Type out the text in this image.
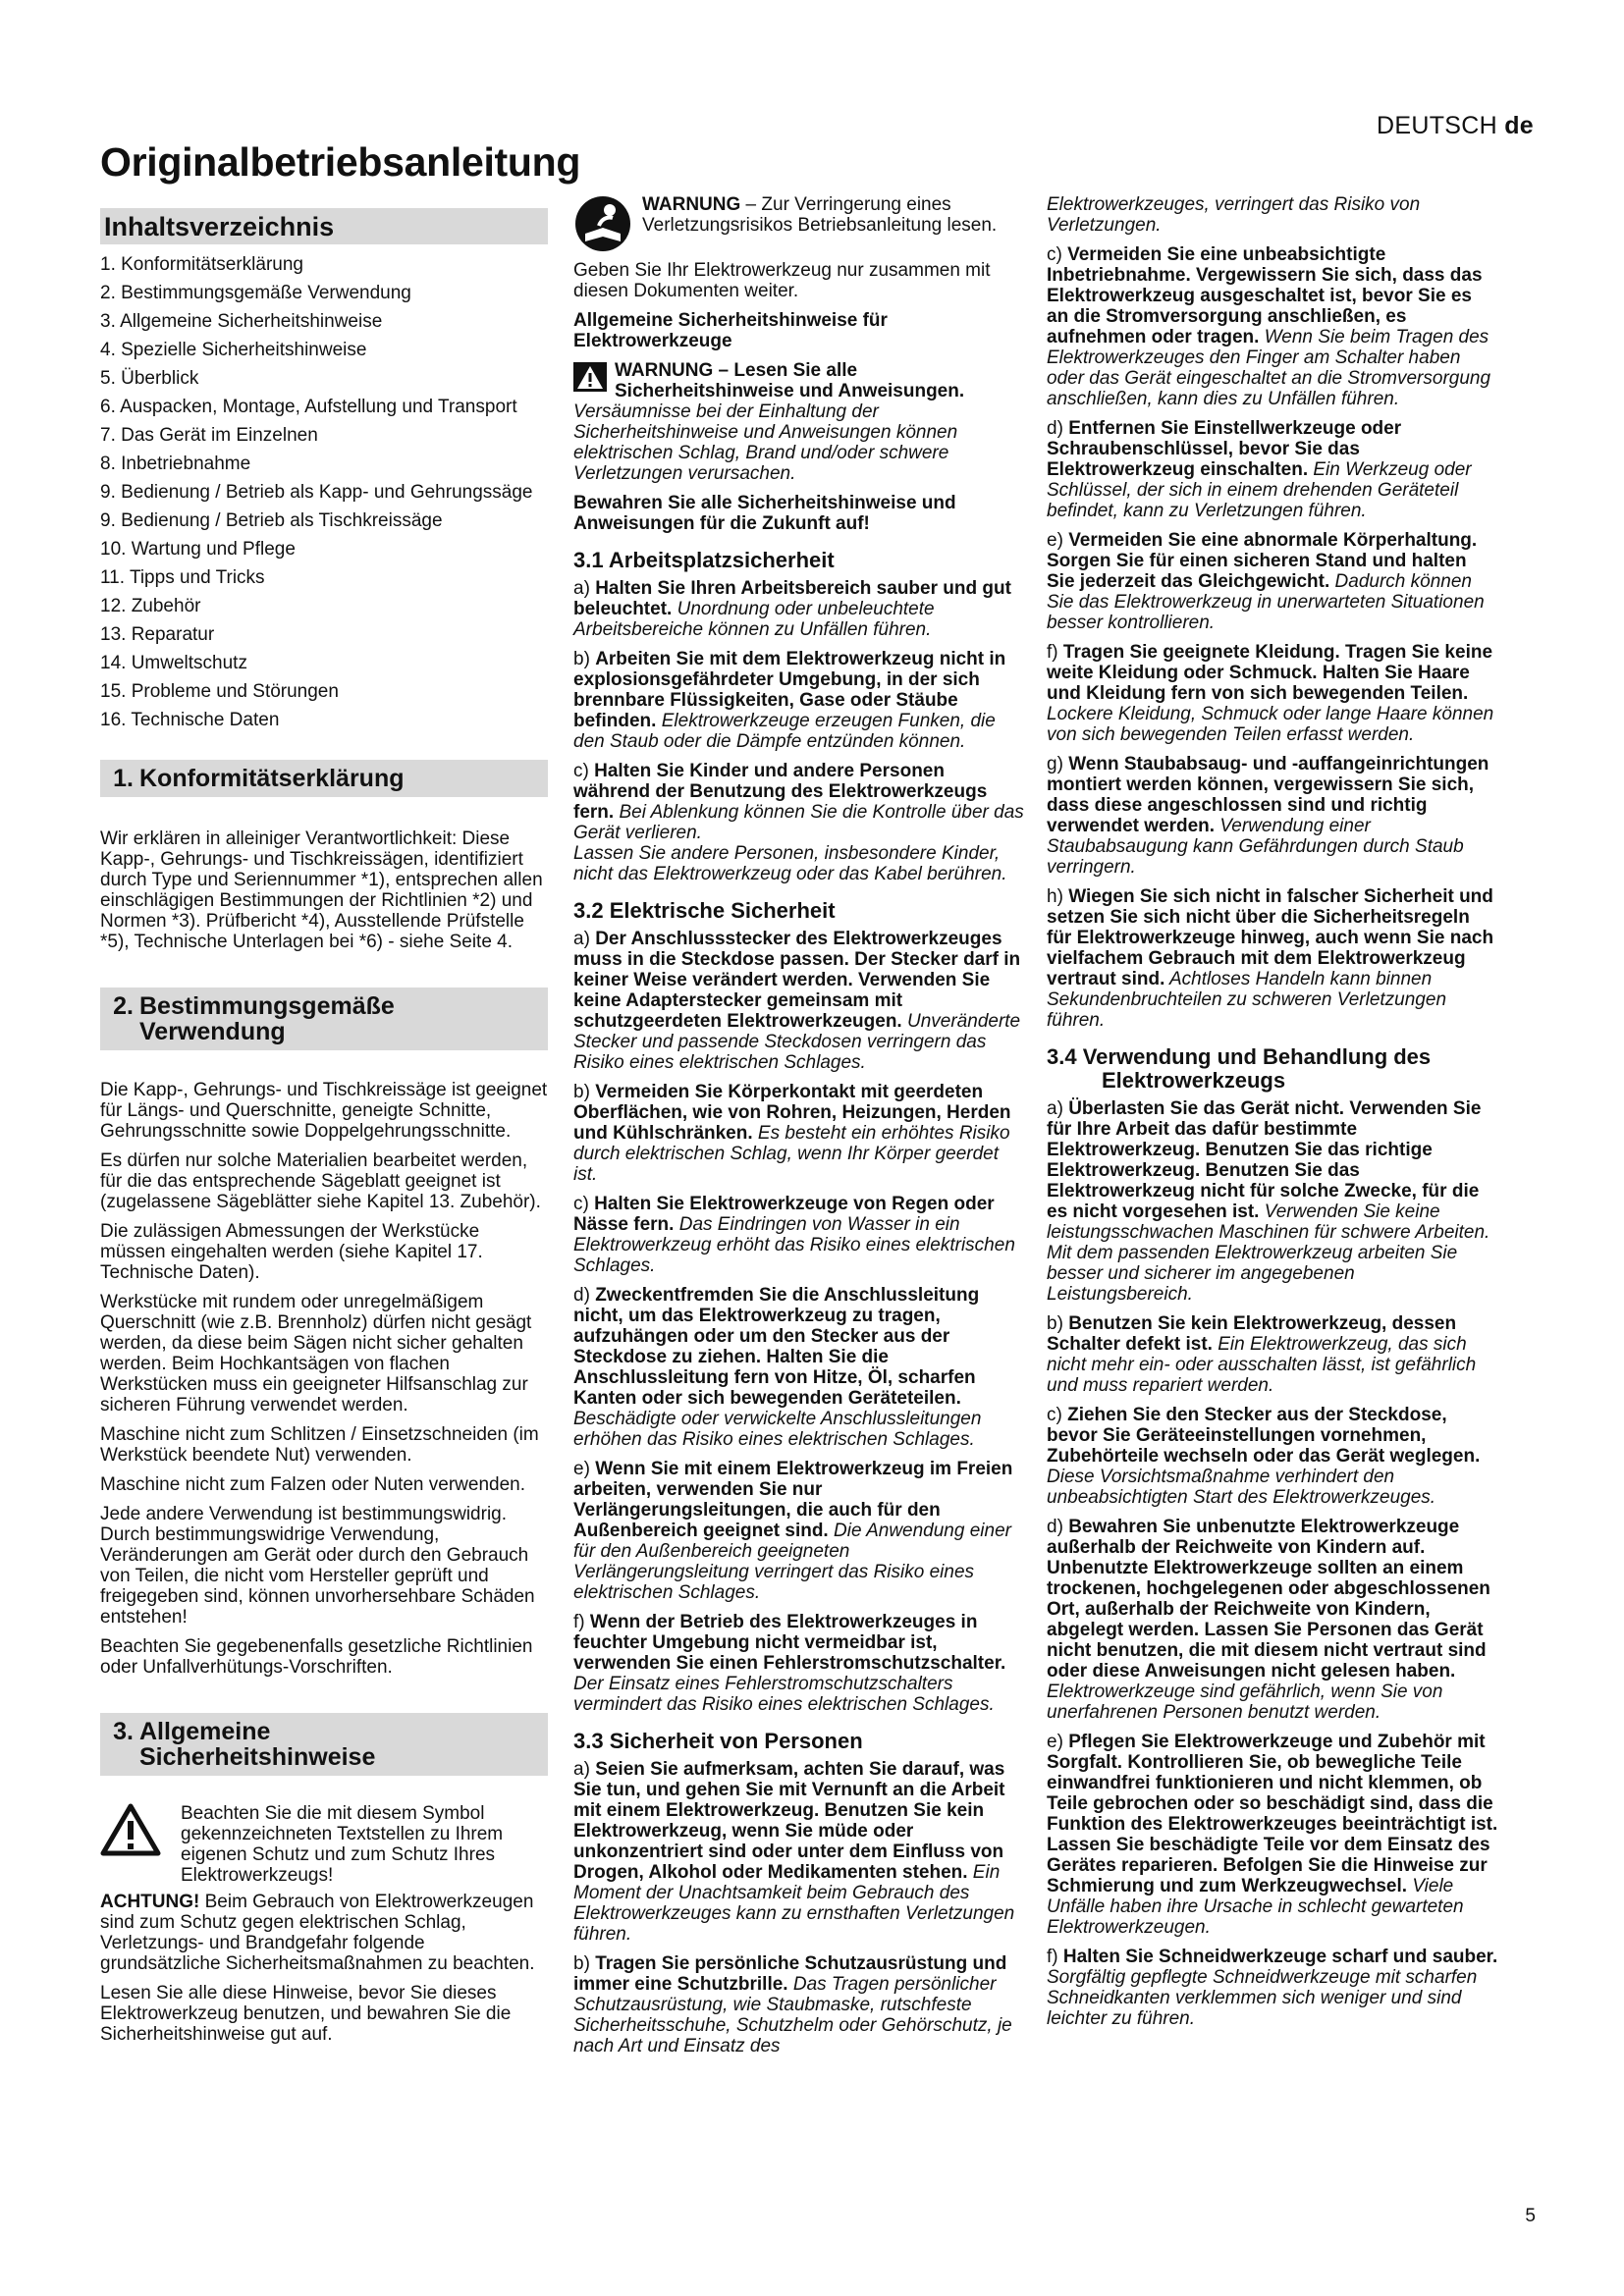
DEUTSCH de
Originalbetriebsanleitung
Inhaltsverzeichnis
1. Konformitätserklärung
2. Bestimmungsgemäße Verwendung
3. Allgemeine Sicherheitshinweise
4. Spezielle Sicherheitshinweise
5. Überblick
6. Auspacken, Montage, Aufstellung und Transport
7. Das Gerät im Einzelnen
8. Inbetriebnahme
9. Bedienung / Betrieb als Kapp- und Gehrungssäge
9. Bedienung / Betrieb als Tischkreissäge
10. Wartung und Pflege
11. Tipps und Tricks
12. Zubehör
13. Reparatur
14. Umweltschutz
15. Probleme und Störungen
16. Technische Daten
1. Konformitätserklärung

Wir erklären in alleiniger Verantwortlichkeit: Diese Kapp-, Gehrungs- und Tischkreissägen, identifiziert durch Type und Seriennummer *1), entsprechen allen einschlägigen Bestimmungen der Richtlinien *2) und Normen *3). Prüfbericht *4), Ausstellende Prüfstelle *5), Technische Unterlagen bei *6) - siehe Seite 4.

2. Bestimmungsgemäße
Verwendung

Die Kapp-, Gehrungs- und Tischkreissäge ist geeignet für Längs- und Querschnitte, geneigte Schnitte, Gehrungsschnitte sowie Doppelgehrungsschnitte.

Es dürfen nur solche Materialien bearbeitet werden, für die das entsprechende Sägeblatt geeignet ist (zugelassene Sägeblätter siehe Kapitel 13. Zubehör).

Die zulässigen Abmessungen der Werkstücke müssen eingehalten werden (siehe Kapitel 17. Technische Daten).

Werkstücke mit rundem oder unregelmäßigem Querschnitt (wie z.B. Brennholz) dürfen nicht gesägt werden, da diese beim Sägen nicht sicher gehalten werden. Beim Hochkantsägen von flachen Werkstücken muss ein geeigneter Hilfsanschlag zur sicheren Führung verwendet werden.

Maschine nicht zum Schlitzen / Einsetzschneiden (im Werkstück beendete Nut) verwenden.

Maschine nicht zum Falzen oder Nuten verwenden.

Jede andere Verwendung ist bestimmungswidrig. Durch bestimmungswidrige Verwendung, Veränderungen am Gerät oder durch den Gebrauch von Teilen, die nicht vom Hersteller geprüft und freigegeben sind, können unvorhersehbare Schäden entstehen!

Beachten Sie gegebenenfalls gesetzliche Richtlinien oder Unfallverhütungs-Vorschriften.

3. Allgemeine
Sicherheitshinweise

Beachten Sie die mit diesem Symbol gekennzeichneten Textstellen zu Ihrem eigenen Schutz und zum Schutz Ihres Elektrowerkzeugs!

ACHTUNG! Beim Gebrauch von Elektrowerkzeugen sind zum Schutz gegen elektrischen Schlag, Verletzungs- und Brandgefahr folgende grundsätzliche Sicherheitsmaßnahmen zu beachten.

Lesen Sie alle diese Hinweise, bevor Sie dieses Elektrowerkzeug benutzen, und bewahren Sie die Sicherheitshinweise gut auf.

WARNUNG – Zur Verringerung eines Verletzungsrisikos Betriebsanleitung lesen.

Geben Sie Ihr Elektrowerkzeug nur zusammen mit diesen Dokumenten weiter.

Allgemeine Sicherheitshinweise für Elektrowerkzeuge

WARNUNG – Lesen Sie alle Sicherheitshinweise und Anweisungen.
Versäumnisse bei der Einhaltung der Sicherheitshinweise und Anweisungen können elektrischen Schlag, Brand und/oder schwere Verletzungen verursachen.

Bewahren Sie alle Sicherheitshinweise und Anweisungen für die Zukunft auf!

3.1 Arbeitsplatzsicherheit

a) Halten Sie Ihren Arbeitsbereich sauber und gut beleuchtet. Unordnung oder unbeleuchtete Arbeitsbereiche können zu Unfällen führen.

b) Arbeiten Sie mit dem Elektrowerkzeug nicht in explosionsgefährdeter Umgebung, in der sich brennbare Flüssigkeiten, Gase oder Stäube befinden. Elektrowerkzeuge erzeugen Funken, die den Staub oder die Dämpfe entzünden können.

c) Halten Sie Kinder und andere Personen während der Benutzung des Elektrowerkzeugs fern. Bei Ablenkung können Sie die Kontrolle über das Gerät verlieren.

Lassen Sie andere Personen, insbesondere Kinder, nicht das Elektrowerkzeug oder das Kabel berühren.

3.2 Elektrische Sicherheit

a) Der Anschlussstecker des Elektrowerkzeuges muss in die Steckdose passen. Der Stecker darf in keiner Weise verändert werden. Verwenden Sie keine Adapterstecker gemeinsam mit schutzgeerdeten Elektrowerkzeugen. Unveränderte Stecker und passende Steckdosen verringern das Risiko eines elektrischen Schlages.

b) Vermeiden Sie Körperkontakt mit geerdeten Oberflächen, wie von Rohren, Heizungen, Herden und Kühlschränken. Es besteht ein erhöhtes Risiko durch elektrischen Schlag, wenn Ihr Körper geerdet ist.

c) Halten Sie Elektrowerkzeuge von Regen oder Nässe fern. Das Eindringen von Wasser in ein Elektrowerkzeug erhöht das Risiko eines elektrischen Schlages.

d) Zweckentfremden Sie die Anschlussleitung nicht, um das Elektrowerkzeug zu tragen, aufzuhängen oder um den Stecker aus der Steckdose zu ziehen. Halten Sie die Anschlussleitung fern von Hitze, Öl, scharfen Kanten oder sich bewegenden Geräteteilen. Beschädigte oder verwickelte Anschlussleitungen erhöhen das Risiko eines elektrischen Schlages.

e) Wenn Sie mit einem Elektrowerkzeug im Freien arbeiten, verwenden Sie nur Verlängerungsleitungen, die auch für den Außenbereich geeignet sind. Die Anwendung einer für den Außenbereich geeigneten Verlängerungsleitung verringert das Risiko eines elektrischen Schlages.

f) Wenn der Betrieb des Elektrowerkzeuges in feuchter Umgebung nicht vermeidbar ist, verwenden Sie einen Fehlerstromschutzschalter. Der Einsatz eines Fehlerstromschutzschalters vermindert das Risiko eines elektrischen Schlages.

3.3 Sicherheit von Personen

a) Seien Sie aufmerksam, achten Sie darauf, was Sie tun, und gehen Sie mit Vernunft an die Arbeit mit einem Elektrowerkzeug. Benutzen Sie kein Elektrowerkzeug, wenn Sie müde oder unkonzentriert sind oder unter dem Einfluss von Drogen, Alkohol oder Medikamenten stehen. Ein Moment der Unachtsamkeit beim Gebrauch des Elektrowerkzeuges kann zu ernsthaften Verletzungen führen.

b) Tragen Sie persönliche Schutzausrüstung und immer eine Schutzbrille. Das Tragen persönlicher Schutzausrüstung, wie Staubmaske, rutschfeste Sicherheitsschuhe, Schutzhelm oder Gehörschutz, je nach Art und Einsatz des

Elektrowerkzeuges, verringert das Risiko von Verletzungen.

c) Vermeiden Sie eine unbeabsichtigte Inbetriebnahme. Vergewissern Sie sich, dass das Elektrowerkzeug ausgeschaltet ist, bevor Sie es an die Stromversorgung anschließen, es aufnehmen oder tragen. Wenn Sie beim Tragen des Elektrowerkzeuges den Finger am Schalter haben oder das Gerät eingeschaltet an die Stromversorgung anschließen, kann dies zu Unfällen führen.

d) Entfernen Sie Einstellwerkzeuge oder Schraubenschlüssel, bevor Sie das Elektrowerkzeug einschalten. Ein Werkzeug oder Schlüssel, der sich in einem drehenden Geräteteil befindet, kann zu Verletzungen führen.

e) Vermeiden Sie eine abnormale Körperhaltung. Sorgen Sie für einen sicheren Stand und halten Sie jederzeit das Gleichgewicht. Dadurch können Sie das Elektrowerkzeug in unerwarteten Situationen besser kontrollieren.

f) Tragen Sie geeignete Kleidung. Tragen Sie keine weite Kleidung oder Schmuck. Halten Sie Haare und Kleidung fern von sich bewegenden Teilen. Lockere Kleidung, Schmuck oder lange Haare können von sich bewegenden Teilen erfasst werden.

g) Wenn Staubabsaug- und -auffangeinrichtungen montiert werden können, vergewissern Sie sich, dass diese angeschlossen sind und richtig verwendet werden. Verwendung einer Staubabsaugung kann Gefährdungen durch Staub verringern.

h) Wiegen Sie sich nicht in falscher Sicherheit und setzen Sie sich nicht über die Sicherheitsregeln für Elektrowerkzeuge hinweg, auch wenn Sie nach vielfachem Gebrauch mit dem Elektrowerkzeug vertraut sind. Achtloses Handeln kann binnen Sekundenbruchteilen zu schweren Verletzungen führen.

3.4 Verwendung und Behandlung des
Elektrowerkzeugs

a) Überlasten Sie das Gerät nicht. Verwenden Sie für Ihre Arbeit das dafür bestimmte Elektrowerkzeug. Benutzen Sie das richtige Elektrowerkzeug. Benutzen Sie das Elektrowerkzeug nicht für solche Zwecke, für die es nicht vorgesehen ist. Verwenden Sie keine leistungsschwachen Maschinen für schwere Arbeiten. Mit dem passenden Elektrowerkzeug arbeiten Sie besser und sicherer im angegebenen Leistungsbereich.

b) Benutzen Sie kein Elektrowerkzeug, dessen Schalter defekt ist. Ein Elektrowerkzeug, das sich nicht mehr ein- oder ausschalten lässt, ist gefährlich und muss repariert werden.

c) Ziehen Sie den Stecker aus der Steckdose, bevor Sie Geräteeinstellungen vornehmen, Zubehörteile wechseln oder das Gerät weglegen. Diese Vorsichtsmaßnahme verhindert den unbeabsichtigten Start des Elektrowerkzeuges.

d) Bewahren Sie unbenutzte Elektrowerkzeuge außerhalb der Reichweite von Kindern auf. Unbenutzte Elektrowerkzeuge sollten an einem trockenen, hochgelegenen oder abgeschlossenen Ort, außerhalb der Reichweite von Kindern, abgelegt werden. Lassen Sie Personen das Gerät nicht benutzen, die mit diesem nicht vertraut sind oder diese Anweisungen nicht gelesen haben. Elektrowerkzeuge sind gefährlich, wenn Sie von unerfahrenen Personen benutzt werden.

e) Pflegen Sie Elektrowerkzeuge und Zubehör mit Sorgfalt. Kontrollieren Sie, ob bewegliche Teile einwandfrei funktionieren und nicht klemmen, ob Teile gebrochen oder so beschädigt sind, dass die Funktion des Elektrowerkzeuges beeinträchtigt ist. Lassen Sie beschädigte Teile vor dem Einsatz des Gerätes reparieren. Befolgen Sie die Hinweise zur Schmierung und zum Werkzeugwechsel. Viele Unfälle haben ihre Ursache in schlecht gewarteten Elektrowerkzeugen.

f) Halten Sie Schneidwerkzeuge scharf und sauber. Sorgfältig gepflegte Schneidwerkzeuge mit scharfen Schneidkanten verklemmen sich weniger und sind leichter zu führen.

5
